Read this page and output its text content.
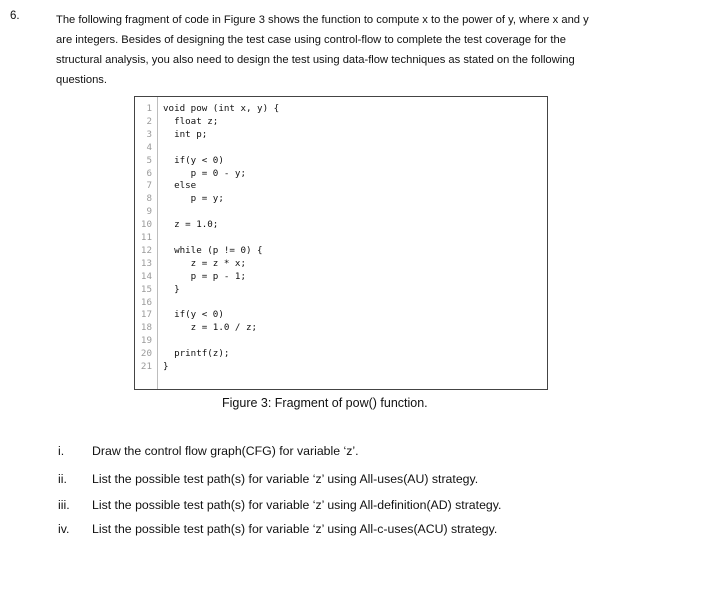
6.	The following fragment of code in Figure 3 shows the function to compute x to the power of y, where x and y
are integers. Besides of designing the test case using control-flow to complete the test coverage for the
structural analysis, you also need to design the test using data-flow techniques as stated on the following
questions.
1 void pow (int x, y) {
2 float z;
3 int p;
4
5 if(y < 0)
6 p = 0 - y;
7 else
8 p = y;
9
10 z = 1.0;
11
12 while (p != 0) {
13 z = z * x;
14 p = p - 1;
15 }
16
17 if(y < 0)
18 z = 1.0 / z;
19
20 printf(z);
21 }
Figure 3: Fragment of pow() function.
i.	Draw the control flow graph(CFG) for variable ‘z’.
ii.	List the possible test path(s) for variable ‘z’ using All-uses(AU) strategy.
iii.	List the possible test path(s) for variable ‘z’ using All-definition(AD) strategy.
iv.	List the possible test path(s) for variable ‘z’ using All-c-uses(ACU) strategy.
